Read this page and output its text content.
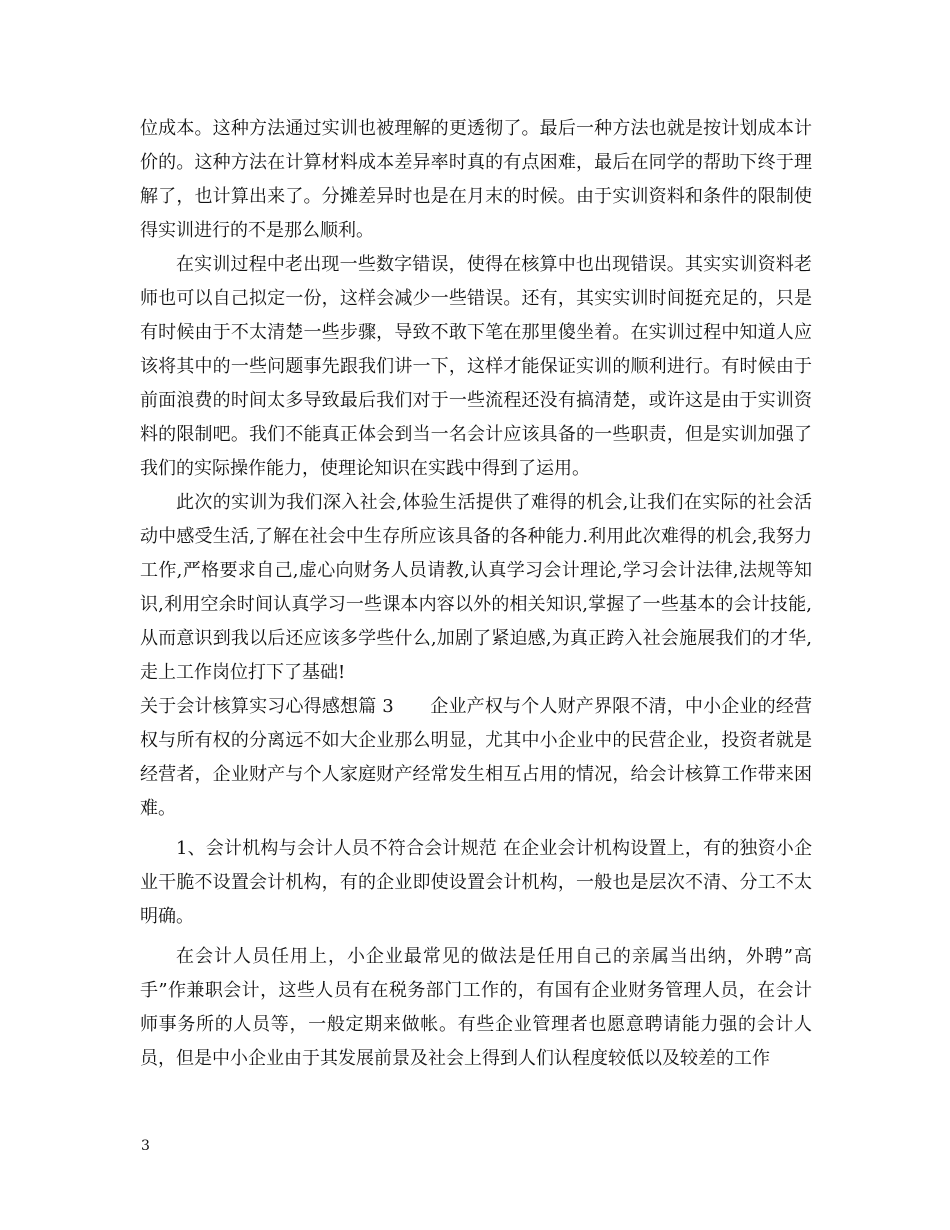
位成本。这种方法通过实训也被理解的更透彻了。最后一种方法也就是按计划成本计价的。这种方法在计算材料成本差异率时真的有点困难，最后在同学的帮助下终于理解了，也计算出来了。分摊差异时也是在月末的时候。由于实训资料和条件的限制使得实训进行的不是那么顺利。

在实训过程中老出现一些数字错误，使得在核算中也出现错误。其实实训资料老师也可以自己拟定一份，这样会减少一些错误。还有，其实实训时间挺充足的，只是有时候由于不太清楚一些步骤，导致不敢下笔在那里傻坐着。在实训过程中知道人应该将其中的一些问题事先跟我们讲一下，这样才能保证实训的顺利进行。有时候由于前面浪费的时间太多导致最后我们对于一些流程还没有搞清楚，或许这是由于实训资料的限制吧。我们不能真正体会到当一名会计应该具备的一些职责，但是实训加强了我们的实际操作能力，使理论知识在实践中得到了运用。

此次的实训为我们深入社会,体验生活提供了难得的机会,让我们在实际的社会活动中感受生活,了解在社会中生存所应该具备的各种能力.利用此次难得的机会,我努力工作,严格要求自己,虚心向财务人员请教,认真学习会计理论,学习会计法律,法规等知识,利用空余时间认真学习一些课本内容以外的相关知识,掌握了一些基本的会计技能,从而意识到我以后还应该多学些什么,加剧了紧迫感,为真正跨入社会施展我们的才华,走上工作岗位打下了基础!

关于会计核算实习心得感想篇 3　　企业产权与个人财产界限不清，中小企业的经营权与所有权的分离远不如大企业那么明显，尤其中小企业中的民营企业，投资者就是经营者，企业财产与个人家庭财产经常发生相互占用的情况，给会计核算工作带来困难。

1、会计机构与会计人员不符合会计规范 在企业会计机构设置上，有的独资小企业干脆不设置会计机构，有的企业即使设置会计机构，一般也是层次不清、分工不太明确。

在会计人员任用上，小企业最常见的做法是任用自己的亲属当出纳，外聘”高手”作兼职会计，这些人员有在税务部门工作的，有国有企业财务管理人员，在会计师事务所的人员等，一般定期来做帐。有些企业管理者也愿意聘请能力强的会计人员，但是中小企业由于其发展前景及社会上得到人们认程度较低以及较差的工作

3
